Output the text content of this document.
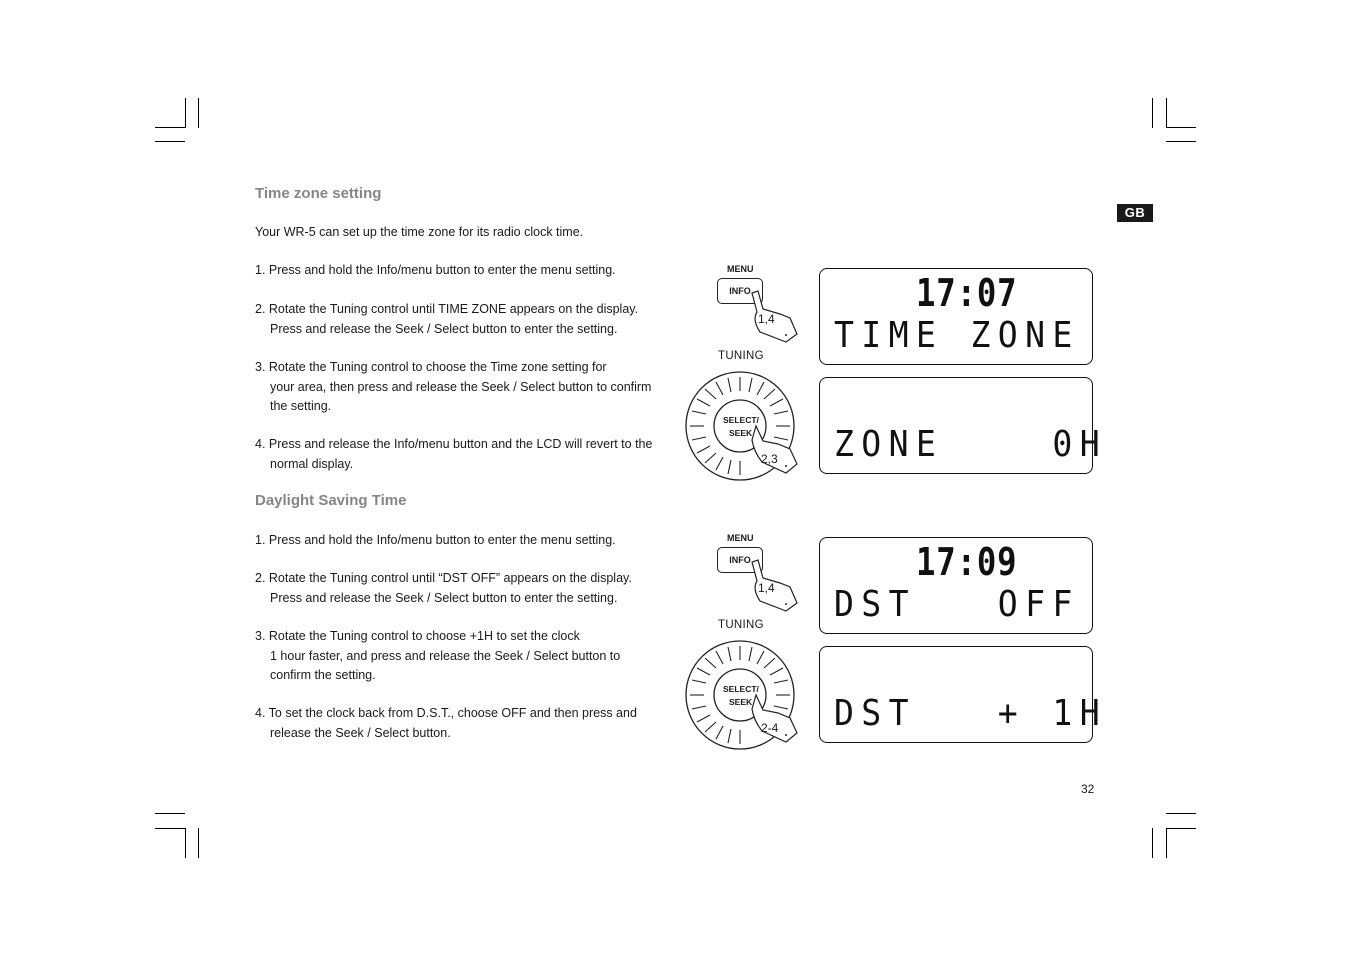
GB
32
Time zone setting
Your WR-5 can set up the time zone for its radio clock time.
1. Press and hold the Info/menu button to enter the menu setting.
2. Rotate the Tuning control until TIME ZONE appears on the display.
Press and release the Seek / Select button to enter the setting.
3. Rotate the Tuning control to choose the Time zone setting for
your area, then press and release the Seek / Select button to confirm
the setting.
4. Press and release the Info/menu button and the LCD will revert to the
normal display.
Daylight Saving Time
1. Press and hold the Info/menu button to enter the menu setting.
2. Rotate the Tuning control until “DST OFF” appears on the display.
Press and release the Seek / Select button to enter the setting.
3. Rotate the Tuning control to choose +1H to set the clock
1 hour faster, and press and release the Seek / Select button to
confirm the setting.
4. To set the clock back from D.S.T., choose OFF and then press and
release the Seek / Select button.
MENU
INFO
1,4
TUNING
SELECT/
SEEK
2,3
17:07
TIME ZONE
ZONE    0H
MENU
INFO
1,4
TUNING
SELECT/
SEEK
2-4
17:09
DST   OFF
DST   + 1H
